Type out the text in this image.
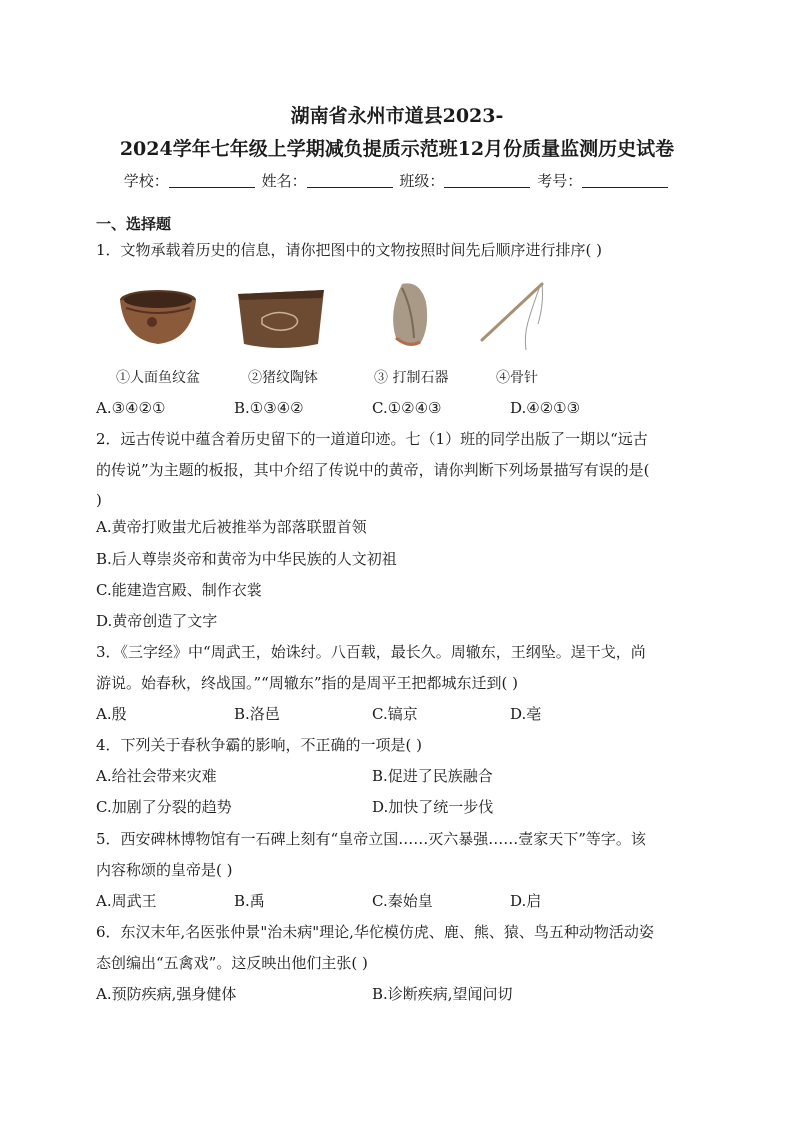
湖南省永州市道县2023-
2024学年七年级上学期减负提质示范班12月份质量监测历史试卷
学校：	姓名：	班级：	考号：
一、选择题
1．文物承载着历史的信息，请你把图中的文物按照时间先后顺序进行排序( )
①人面鱼纹盆	②猪纹陶钵	③ 打制石器	④骨针
A.③④②①	B.①③④②	C.①②④③	D.④②①③
2．远古传说中蕴含着历史留下的一道道印迹。七（1）班的同学出版了一期以“远古
的传说”为主题的板报，其中介绍了传说中的黄帝，请你判断下列场景描写有误的是(
)
A.黄帝打败蚩尤后被推举为部落联盟首领
B.后人尊崇炎帝和黄帝为中华民族的人文初祖
C.能建造宫殿、制作衣裳
D.黄帝创造了文字
3．《三字经》中“周武王，始诛纣。八百载，最长久。周辙东，王纲坠。逞干戈，尚
游说。始春秋，终战国。”“周辙东”指的是周平王把都城东迁到( )
A.殷	B.洛邑	C.镐京	D.亳
4．下列关于春秋争霸的影响，不正确的一项是( )
A.给社会带来灾难	B.促进了民族融合
C.加剧了分裂的趋势	D.加快了统一步伐
5．西安碑林博物馆有一石碑上刻有“皇帝立国……灭六暴强……壹家天下”等字。该
内容称颂的皇帝是( )
A.周武王	B.禹	C.秦始皇	D.启
6．东汉末年,名医张仲景"治未病"理论,华佗模仿虎、鹿、熊、猿、鸟五种动物活动姿
态创编出“五禽戏”。这反映出他们主张( )
A.预防疾病,强身健体	B.诊断疾病,望闻问切
